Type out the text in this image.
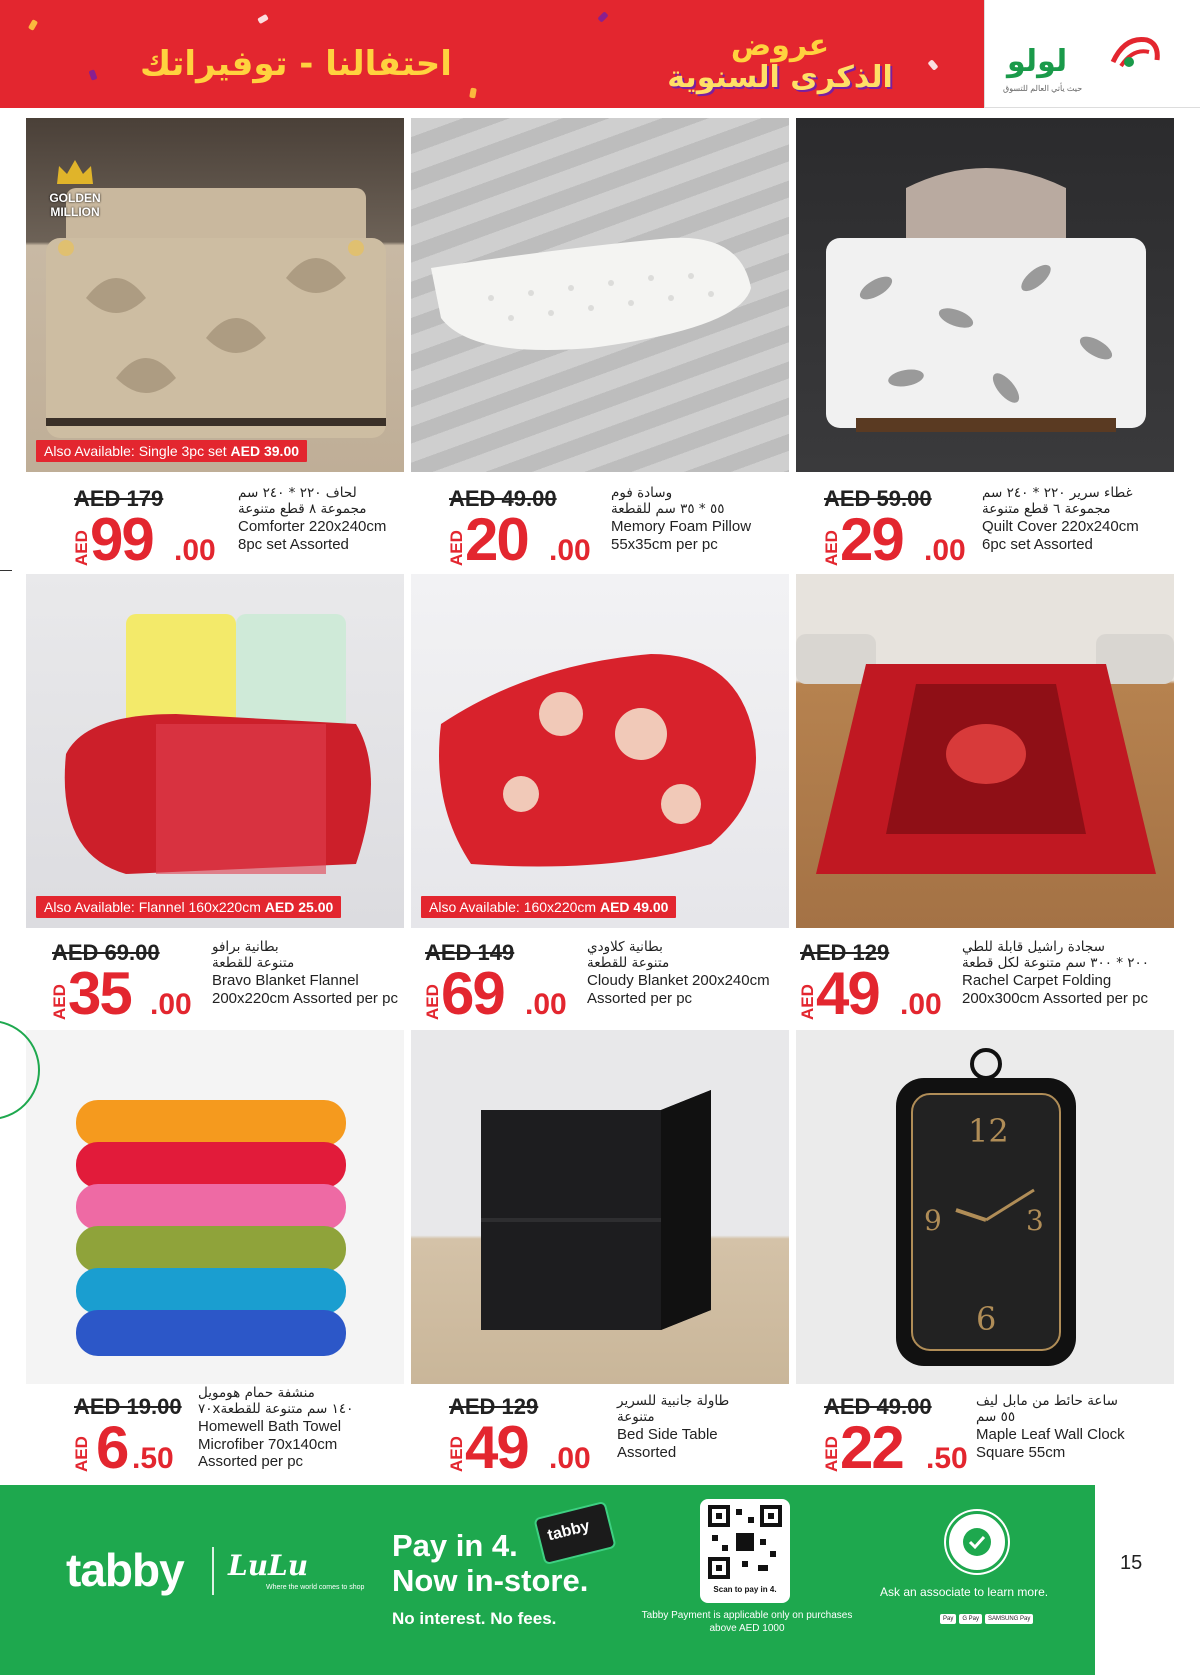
احتفالنا - توفيراتك	عروض
الذكرى السنوية	لولو
حيث يأتي العالم للتسوق
GOLDEN MILLION
Also Available: Single 3pc set AED 39.00
AED 179
AED 99 .00
لحاف ٢٢٠ * ٢٤٠ سم
مجموعة ٨ قطع متنوعة
Comforter 220x240cm
8pc set Assorted
AED 49.00
AED 20 .00
وسادة فوم
٥٥ * ٣٥ سم للقطعة
Memory Foam Pillow
55x35cm per pc
AED 59.00
AED 29 .00
غطاء سرير ٢٢٠ * ٢٤٠ سم
مجموعة ٦ قطع متنوعة
Quilt Cover 220x240cm
6pc set Assorted
Also Available: Flannel 160x220cm AED 25.00
AED 69.00
AED 35 .00
بطانية برافو
متنوعة للقطعة
Bravo Blanket Flannel
200x220cm Assorted per pc
Also Available: 160x220cm AED 49.00
AED 149
AED 69 .00
بطانية كلاودي
متنوعة للقطعة
Cloudy Blanket 200x240cm
Assorted per pc
AED 129
AED 49 .00
سجادة راشيل قابلة للطي
٢٠٠ * ٣٠٠ سم متنوعة لكل قطعة
Rachel Carpet Folding
200x300cm Assorted per pc
AED 19.00
AED 6 .50
منشفة حمام هومويل
٧٠x١٤٠ سم متنوعة للقطعة
Homewell Bath Towel
Microfiber 70x140cm
Assorted per pc
AED 129
AED 49 .00
طاولة جانبية للسرير
متنوعة
Bed Side Table
Assorted
12
3
6
9
AED 49.00
AED 22 .50
ساعة حائط من مابل ليف
٥٥ سم
Maple Leaf Wall Clock
Square 55cm
tabby LuLu
Where the world comes to shop
Pay in 4.
Now in-store.
No interest. No fees.
tabby
Scan to pay in 4.
Tabby Payment is applicable only on purchases above AED 1000
Ask an associate to learn more.
Pay G Pay SAMSUNG Pay
15
